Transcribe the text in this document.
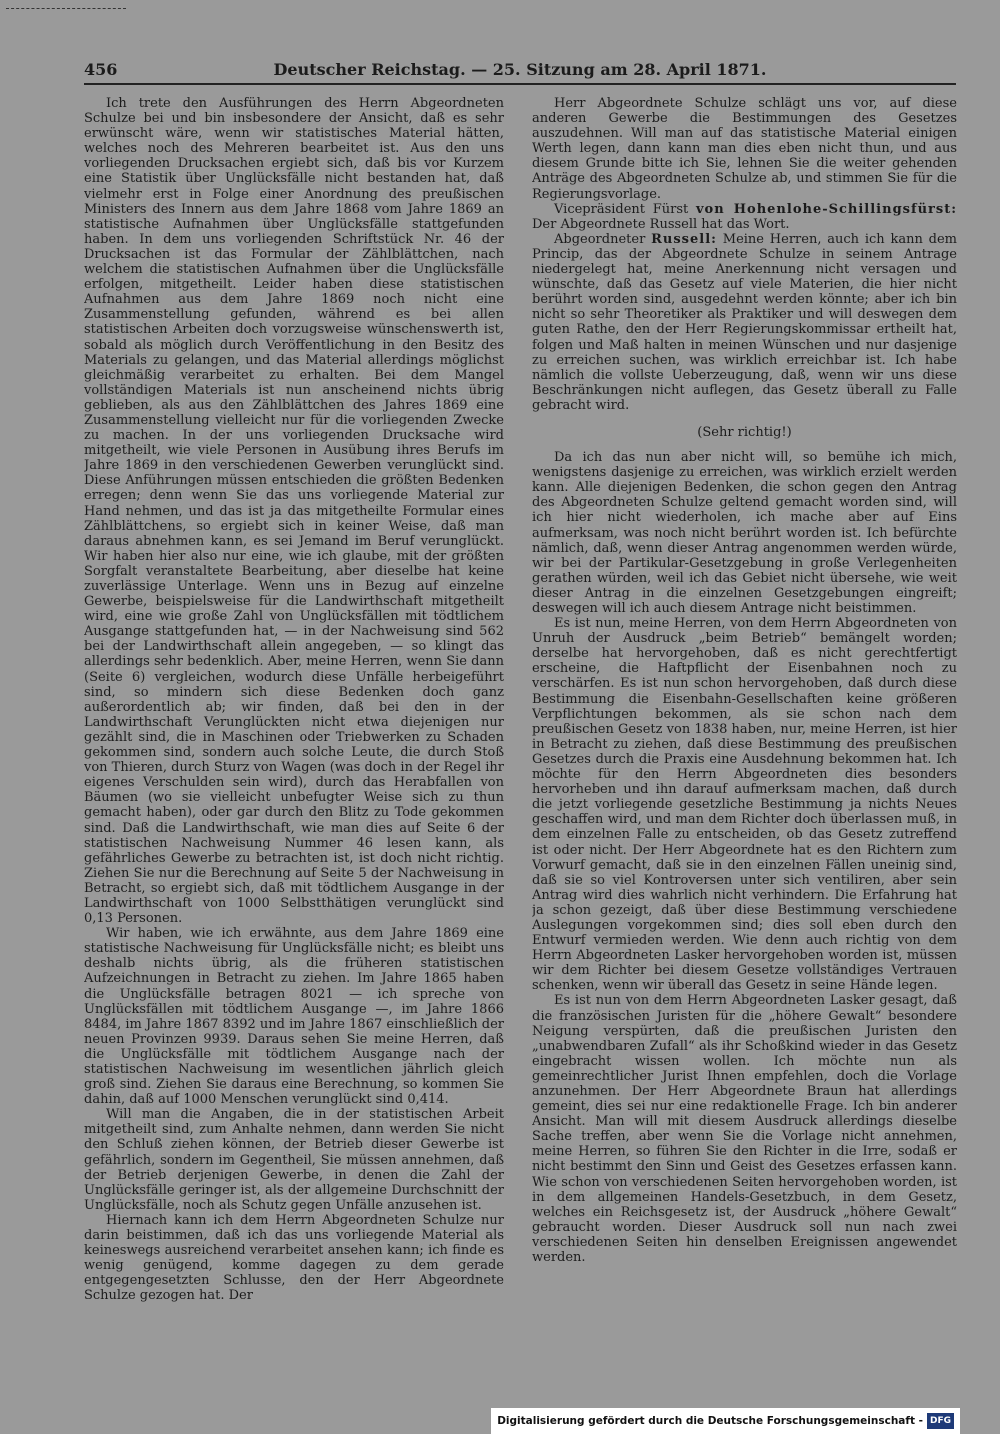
456	Deutscher Reichstag. — 25. Sitzung am 28. April 1871.

Ich trete den Ausführungen des Herrn Abgeordneten Schulze bei und bin insbesondere der Ansicht, daß es sehr erwünscht wäre, wenn wir statistisches Material hätten, welches noch des Mehreren bearbeitet ist. Aus den uns vorliegenden Drucksachen ergiebt sich, daß bis vor Kurzem eine Statistik über Unglücksfälle nicht bestanden hat, daß vielmehr erst in Folge einer Anordnung des preußischen Ministers des Innern aus dem Jahre 1868 vom Jahre 1869 an statistische Aufnahmen über Unglücksfälle stattgefunden haben. In dem uns vorliegenden Schriftstück Nr. 46 der Drucksachen ist das Formular der Zählblättchen, nach welchem die statistischen Aufnahmen über die Unglücksfälle erfolgen, mitgetheilt. Leider haben diese statistischen Aufnahmen aus dem Jahre 1869 noch nicht eine Zusammenstellung gefunden, während es bei allen statistischen Arbeiten doch vorzugsweise wünschenswerth ist, sobald als möglich durch Veröffentlichung in den Besitz des Materials zu gelangen, und das Material allerdings möglichst gleichmäßig verarbeitet zu erhalten. Bei dem Mangel vollständigen Materials ist nun anscheinend nichts übrig geblieben, als aus den Zählblättchen des Jahres 1869 eine Zusammenstellung vielleicht nur für die vorliegenden Zwecke zu machen. In der uns vorliegenden Drucksache wird mitgetheilt, wie viele Personen in Ausübung ihres Berufs im Jahre 1869 in den verschiedenen Gewerben verunglückt sind. Diese Anführungen müssen entschieden die größten Bedenken erregen; denn wenn Sie das uns vorliegende Material zur Hand nehmen, und das ist ja das mitgetheilte Formular eines Zählblättchens, so ergiebt sich in keiner Weise, daß man daraus abnehmen kann, es sei Jemand im Beruf verunglückt. Wir haben hier also nur eine, wie ich glaube, mit der größten Sorgfalt veranstaltete Bearbeitung, aber dieselbe hat keine zuverlässige Unterlage. Wenn uns in Bezug auf einzelne Gewerbe, beispielsweise für die Landwirthschaft mitgetheilt wird, eine wie große Zahl von Unglücksfällen mit tödtlichem Ausgange stattgefunden hat, — in der Nachweisung sind 562 bei der Landwirthschaft allein angegeben, — so klingt das allerdings sehr bedenklich. Aber, meine Herren, wenn Sie dann (Seite 6) vergleichen, wodurch diese Unfälle herbeigeführt sind, so mindern sich diese Bedenken doch ganz außerordentlich ab; wir finden, daß bei den in der Landwirthschaft Verunglückten nicht etwa diejenigen nur gezählt sind, die in Maschinen oder Triebwerken zu Schaden gekommen sind, sondern auch solche Leute, die durch Stoß von Thieren, durch Sturz von Wagen (was doch in der Regel ihr eigenes Verschulden sein wird), durch das Herabfallen von Bäumen (wo sie vielleicht unbefugter Weise sich zu thun gemacht haben), oder gar durch den Blitz zu Tode gekommen sind. Daß die Landwirthschaft, wie man dies auf Seite 6 der statistischen Nachweisung Nummer 46 lesen kann, als gefährliches Gewerbe zu betrachten ist, ist doch nicht richtig. Ziehen Sie nur die Berechnung auf Seite 5 der Nachweisung in Betracht, so ergiebt sich, daß mit tödtlichem Ausgange in der Landwirthschaft von 1000 Selbstthätigen verunglückt sind 0,13 Personen.

Wir haben, wie ich erwähnte, aus dem Jahre 1869 eine statistische Nachweisung für Unglücksfälle nicht; es bleibt uns deshalb nichts übrig, als die früheren statistischen Aufzeichnungen in Betracht zu ziehen. Im Jahre 1865 haben die Unglücksfälle betragen 8021 — ich spreche von Unglücksfällen mit tödtlichem Ausgange —, im Jahre 1866 8484, im Jahre 1867 8392 und im Jahre 1867 einschließlich der neuen Provinzen 9939. Daraus sehen Sie meine Herren, daß die Unglücksfälle mit tödtlichem Ausgange nach der statistischen Nachweisung im wesentlichen jährlich gleich groß sind. Ziehen Sie daraus eine Berechnung, so kommen Sie dahin, daß auf 1000 Menschen verunglückt sind 0,414.

Will man die Angaben, die in der statistischen Arbeit mitgetheilt sind, zum Anhalte nehmen, dann werden Sie nicht den Schluß ziehen können, der Betrieb dieser Gewerbe ist gefährlich, sondern im Gegentheil, Sie müssen annehmen, daß der Betrieb derjenigen Gewerbe, in denen die Zahl der Unglücksfälle geringer ist, als der allgemeine Durchschnitt der Unglücksfälle, noch als Schutz gegen Unfälle anzusehen ist.

Hiernach kann ich dem Herrn Abgeordneten Schulze nur darin beistimmen, daß ich das uns vorliegende Material als keineswegs ausreichend verarbeitet ansehen kann; ich finde es wenig genügend, komme dagegen zu dem gerade entgegengesetzten Schlusse, den der Herr Abgeordnete Schulze gezogen hat. Der

Herr Abgeordnete Schulze schlägt uns vor, auf diese anderen Gewerbe die Bestimmungen des Gesetzes auszudehnen. Will man auf das statistische Material einigen Werth legen, dann kann man dies eben nicht thun, und aus diesem Grunde bitte ich Sie, lehnen Sie die weiter gehenden Anträge des Abgeordneten Schulze ab, und stimmen Sie für die Regierungsvorlage.

Vicepräsident Fürst von Hohenlohe-Schillingsfürst: Der Abgeordnete Russell hat das Wort.

Abgeordneter Russell: Meine Herren, auch ich kann dem Princip, das der Abgeordnete Schulze in seinem Antrage niedergelegt hat, meine Anerkennung nicht versagen und wünschte, daß das Gesetz auf viele Materien, die hier nicht berührt worden sind, ausgedehnt werden könnte; aber ich bin nicht so sehr Theoretiker als Praktiker und will deswegen dem guten Rathe, den der Herr Regierungskommissar ertheilt hat, folgen und Maß halten in meinen Wünschen und nur dasjenige zu erreichen suchen, was wirklich erreichbar ist. Ich habe nämlich die vollste Ueberzeugung, daß, wenn wir uns diese Beschränkungen nicht auflegen, das Gesetz überall zu Falle gebracht wird.

(Sehr richtig!)

Da ich das nun aber nicht will, so bemühe ich mich, wenigstens dasjenige zu erreichen, was wirklich erzielt werden kann. Alle diejenigen Bedenken, die schon gegen den Antrag des Abgeordneten Schulze geltend gemacht worden sind, will ich hier nicht wiederholen, ich mache aber auf Eins aufmerksam, was noch nicht berührt worden ist. Ich befürchte nämlich, daß, wenn dieser Antrag angenommen werden würde, wir bei der Partikular-Gesetzgebung in große Verlegenheiten gerathen würden, weil ich das Gebiet nicht übersehe, wie weit dieser Antrag in die einzelnen Gesetzgebungen eingreift; deswegen will ich auch diesem Antrage nicht beistimmen.

Es ist nun, meine Herren, von dem Herrn Abgeordneten von Unruh der Ausdruck „beim Betrieb“ bemängelt worden; derselbe hat hervorgehoben, daß es nicht gerechtfertigt erscheine, die Haftpflicht der Eisenbahnen noch zu verschärfen. Es ist nun schon hervorgehoben, daß durch diese Bestimmung die Eisenbahn-Gesellschaften keine größeren Verpflichtungen bekommen, als sie schon nach dem preußischen Gesetz von 1838 haben, nur, meine Herren, ist hier in Betracht zu ziehen, daß diese Bestimmung des preußischen Gesetzes durch die Praxis eine Ausdehnung bekommen hat. Ich möchte für den Herrn Abgeordneten dies besonders hervorheben und ihn darauf aufmerksam machen, daß durch die jetzt vorliegende gesetzliche Bestimmung ja nichts Neues geschaffen wird, und man dem Richter doch überlassen muß, in dem einzelnen Falle zu entscheiden, ob das Gesetz zutreffend ist oder nicht. Der Herr Abgeordnete hat es den Richtern zum Vorwurf gemacht, daß sie in den einzelnen Fällen uneinig sind, daß sie so viel Kontroversen unter sich ventiliren, aber sein Antrag wird dies wahrlich nicht verhindern. Die Erfahrung hat ja schon gezeigt, daß über diese Bestimmung verschiedene Auslegungen vorgekommen sind; dies soll eben durch den Entwurf vermieden werden. Wie denn auch richtig von dem Herrn Abgeordneten Lasker hervorgehoben worden ist, müssen wir dem Richter bei diesem Gesetze vollständiges Vertrauen schenken, wenn wir überall das Gesetz in seine Hände legen.

Es ist nun von dem Herrn Abgeordneten Lasker gesagt, daß die französischen Juristen für die „höhere Gewalt“ besondere Neigung verspürten, daß die preußischen Juristen den „unabwendbaren Zufall“ als ihr Schoßkind wieder in das Gesetz eingebracht wissen wollen. Ich möchte nun als gemeinrechtlicher Jurist Ihnen empfehlen, doch die Vorlage anzunehmen. Der Herr Abgeordnete Braun hat allerdings gemeint, dies sei nur eine redaktionelle Frage. Ich bin anderer Ansicht. Man will mit diesem Ausdruck allerdings dieselbe Sache treffen, aber wenn Sie die Vorlage nicht annehmen, meine Herren, so führen Sie den Richter in die Irre, sodaß er nicht bestimmt den Sinn und Geist des Gesetzes erfassen kann. Wie schon von verschiedenen Seiten hervorgehoben worden, ist in dem allgemeinen Handels-Gesetzbuch, in dem Gesetz, welches ein Reichsgesetz ist, der Ausdruck „höhere Gewalt“ gebraucht worden. Dieser Ausdruck soll nun nach zwei verschiedenen Seiten hin denselben Ereignissen angewendet werden.

Digitalisierung gefördert durch die Deutsche Forschungsgemeinschaft - DFG
